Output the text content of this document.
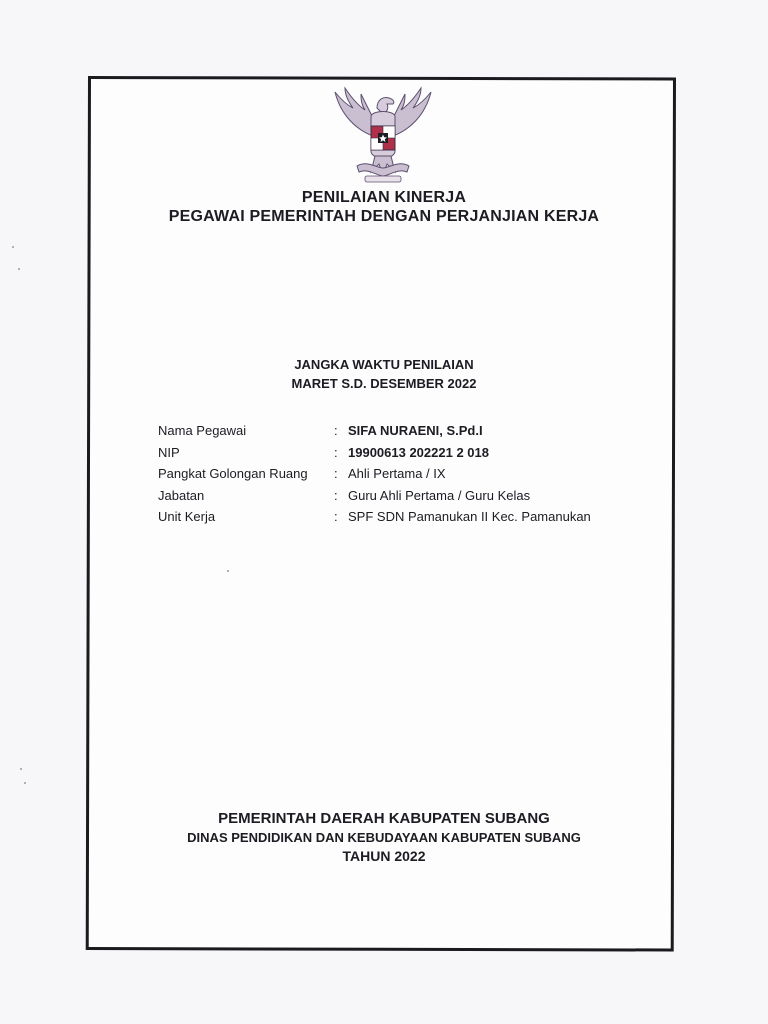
PENILAIAN KINERJA
PEGAWAI PEMERINTAH DENGAN PERJANJIAN KERJA
JANGKA WAKTU PENILAIAN
MARET S.D. DESEMBER 2022
Nama Pegawai	: SIFA NURAENI, S.Pd.I
NIP	: 19900613 202221 2 018
Pangkat Golongan Ruang : Ahli Pertama / IX
Jabatan	: Guru Ahli Pertama / Guru Kelas
Unit Kerja	: SPF SDN Pamanukan II Kec. Pamanukan
PEMERINTAH DAERAH KABUPATEN SUBANG
DINAS PENDIDIKAN DAN KEBUDAYAAN KABUPATEN SUBANG
TAHUN 2022
